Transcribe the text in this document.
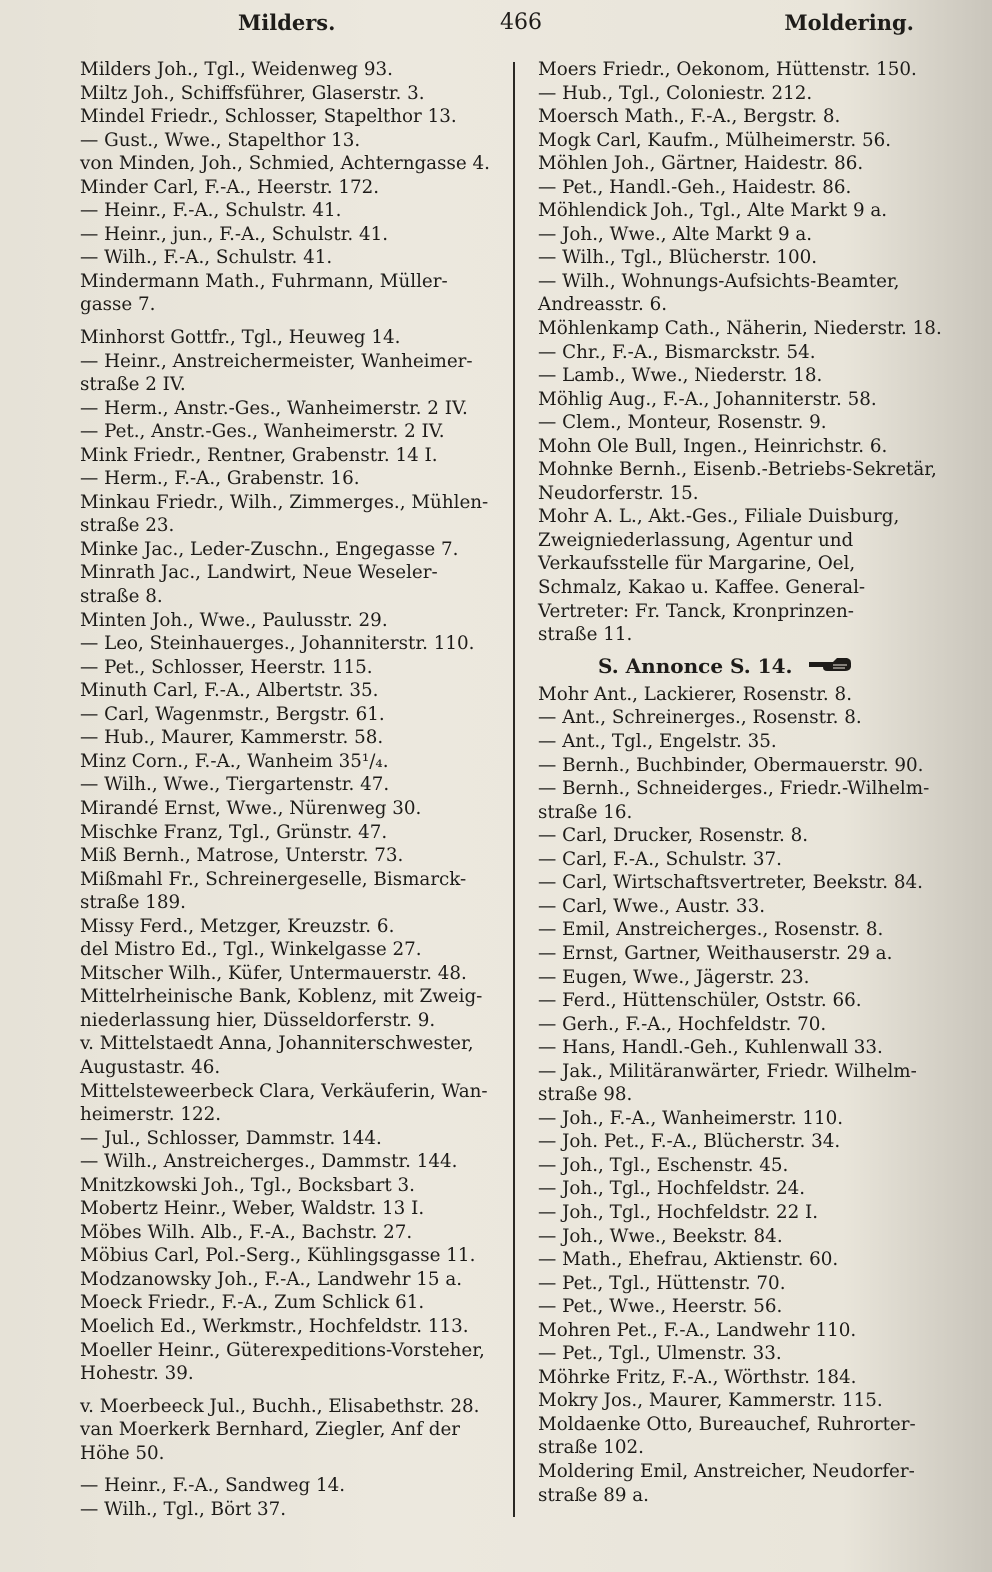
Milders.	466	Moldering.
Milders Joh., Tgl., Weidenweg 93.
Miltz Joh., Schiffsführer, Glaserstr. 3.
Mindel Friedr., Schlosser, Stapelthor 13.
— Gust., Wwe., Stapelthor 13.
von Minden, Joh., Schmied, Achterngasse 4.
Minder Carl, F.-A., Heerstr. 172.
— Heinr., F.-A., Schulstr. 41.
— Heinr., jun., F.-A., Schulstr. 41.
— Wilh., F.-A., Schulstr. 41.
Mindermann Math., Fuhrmann, Müller-
gasse 7.
Minhorst Gottfr., Tgl., Heuweg 14.
— Heinr., Anstreichermeister, Wanheimer-
straße 2 IV.
— Herm., Anstr.-Ges., Wanheimerstr. 2 IV.
— Pet., Anstr.-Ges., Wanheimerstr. 2 IV.
Mink Friedr., Rentner, Grabenstr. 14 I.
— Herm., F.-A., Grabenstr. 16.
Minkau Friedr., Wilh., Zimmerges., Mühlen-
straße 23.
Minke Jac., Leder-Zuschn., Engegasse 7.
Minrath Jac., Landwirt, Neue Weseler-
straße 8.
Minten Joh., Wwe., Paulusstr. 29.
— Leo, Steinhauerges., Johanniterstr. 110.
— Pet., Schlosser, Heerstr. 115.
Minuth Carl, F.-A., Albertstr. 35.
— Carl, Wagenmstr., Bergstr. 61.
— Hub., Maurer, Kammerstr. 58.
Minz Corn., F.-A., Wanheim 35¹/₄.
— Wilh., Wwe., Tiergartenstr. 47.
Mirandé Ernst, Wwe., Nürenweg 30.
Mischke Franz, Tgl., Grünstr. 47.
Miß Bernh., Matrose, Unterstr. 73.
Mißmahl Fr., Schreinergeselle, Bismarck-
straße 189.
Missy Ferd., Metzger, Kreuzstr. 6.
del Mistro Ed., Tgl., Winkelgasse 27.
Mitscher Wilh., Küfer, Untermauerstr. 48.
Mittelrheinische Bank, Koblenz, mit Zweig-
niederlassung hier, Düsseldorferstr. 9.
v. Mittelstaedt Anna, Johanniterschwester,
Augustastr. 46.
Mittelsteweerbeck Clara, Verkäuferin, Wan-
heimerstr. 122.
— Jul., Schlosser, Dammstr. 144.
— Wilh., Anstreicherges., Dammstr. 144.
Mnitzkowski Joh., Tgl., Bocksbart 3.
Mobertz Heinr., Weber, Waldstr. 13 I.
Möbes Wilh. Alb., F.-A., Bachstr. 27.
Möbius Carl, Pol.-Serg., Kühlingsgasse 11.
Modzanowsky Joh., F.-A., Landwehr 15 a.
Moeck Friedr., F.-A., Zum Schlick 61.
Moelich Ed., Werkmstr., Hochfeldstr. 113.
Moeller Heinr., Güterexpeditions-Vorsteher,
Hohestr. 39.
v. Moerbeeck Jul., Buchh., Elisabethstr. 28.
van Moerkerk Bernhard, Ziegler, Anf der
Höhe 50.
— Heinr., F.-A., Sandweg 14.
— Wilh., Tgl., Bört 37.
Moers Friedr., Oekonom, Hüttenstr. 150.
— Hub., Tgl., Coloniestr. 212.
Moersch Math., F.-A., Bergstr. 8.
Mogk Carl, Kaufm., Mülheimerstr. 56.
Möhlen Joh., Gärtner, Haidestr. 86.
— Pet., Handl.-Geh., Haidestr. 86.
Möhlendick Joh., Tgl., Alte Markt 9 a.
— Joh., Wwe., Alte Markt 9 a.
— Wilh., Tgl., Blücherstr. 100.
— Wilh., Wohnungs-Aufsichts-Beamter,
Andreasstr. 6.
Möhlenkamp Cath., Näherin, Niederstr. 18.
— Chr., F.-A., Bismarckstr. 54.
— Lamb., Wwe., Niederstr. 18.
Möhlig Aug., F.-A., Johanniterstr. 58.
— Clem., Monteur, Rosenstr. 9.
Mohn Ole Bull, Ingen., Heinrichstr. 6.
Mohnke Bernh., Eisenb.-Betriebs-Sekretär,
Neudorferstr. 15.
Mohr A. L., Akt.-Ges., Filiale Duisburg,
Zweigniederlassung, Agentur und
Verkaufsstelle für Margarine, Oel,
Schmalz, Kakao u. Kaffee. General-
Vertreter: Fr. Tanck, Kronprinzen-
straße 11.
S. Annonce S. 14.
Mohr Ant., Lackierer, Rosenstr. 8.
— Ant., Schreinerges., Rosenstr. 8.
— Ant., Tgl., Engelstr. 35.
— Bernh., Buchbinder, Obermauerstr. 90.
— Bernh., Schneiderges., Friedr.-Wilhelm-
straße 16.
— Carl, Drucker, Rosenstr. 8.
— Carl, F.-A., Schulstr. 37.
— Carl, Wirtschaftsvertreter, Beekstr. 84.
— Carl, Wwe., Austr. 33.
— Emil, Anstreicherges., Rosenstr. 8.
— Ernst, Gartner, Weithauserstr. 29 a.
— Eugen, Wwe., Jägerstr. 23.
— Ferd., Hüttenschüler, Oststr. 66.
— Gerh., F.-A., Hochfeldstr. 70.
— Hans, Handl.-Geh., Kuhlenwall 33.
— Jak., Militäranwärter, Friedr. Wilhelm-
straße 98.
— Joh., F.-A., Wanheimerstr. 110.
— Joh. Pet., F.-A., Blücherstr. 34.
— Joh., Tgl., Eschenstr. 45.
— Joh., Tgl., Hochfeldstr. 24.
— Joh., Tgl., Hochfeldstr. 22 I.
— Joh., Wwe., Beekstr. 84.
— Math., Ehefrau, Aktienstr. 60.
— Pet., Tgl., Hüttenstr. 70.
— Pet., Wwe., Heerstr. 56.
Mohren Pet., F.-A., Landwehr 110.
— Pet., Tgl., Ulmenstr. 33.
Möhrke Fritz, F.-A., Wörthstr. 184.
Mokry Jos., Maurer, Kammerstr. 115.
Moldaenke Otto, Bureauchef, Ruhrorter-
straße 102.
Moldering Emil, Anstreicher, Neudorfer-
straße 89 a.
